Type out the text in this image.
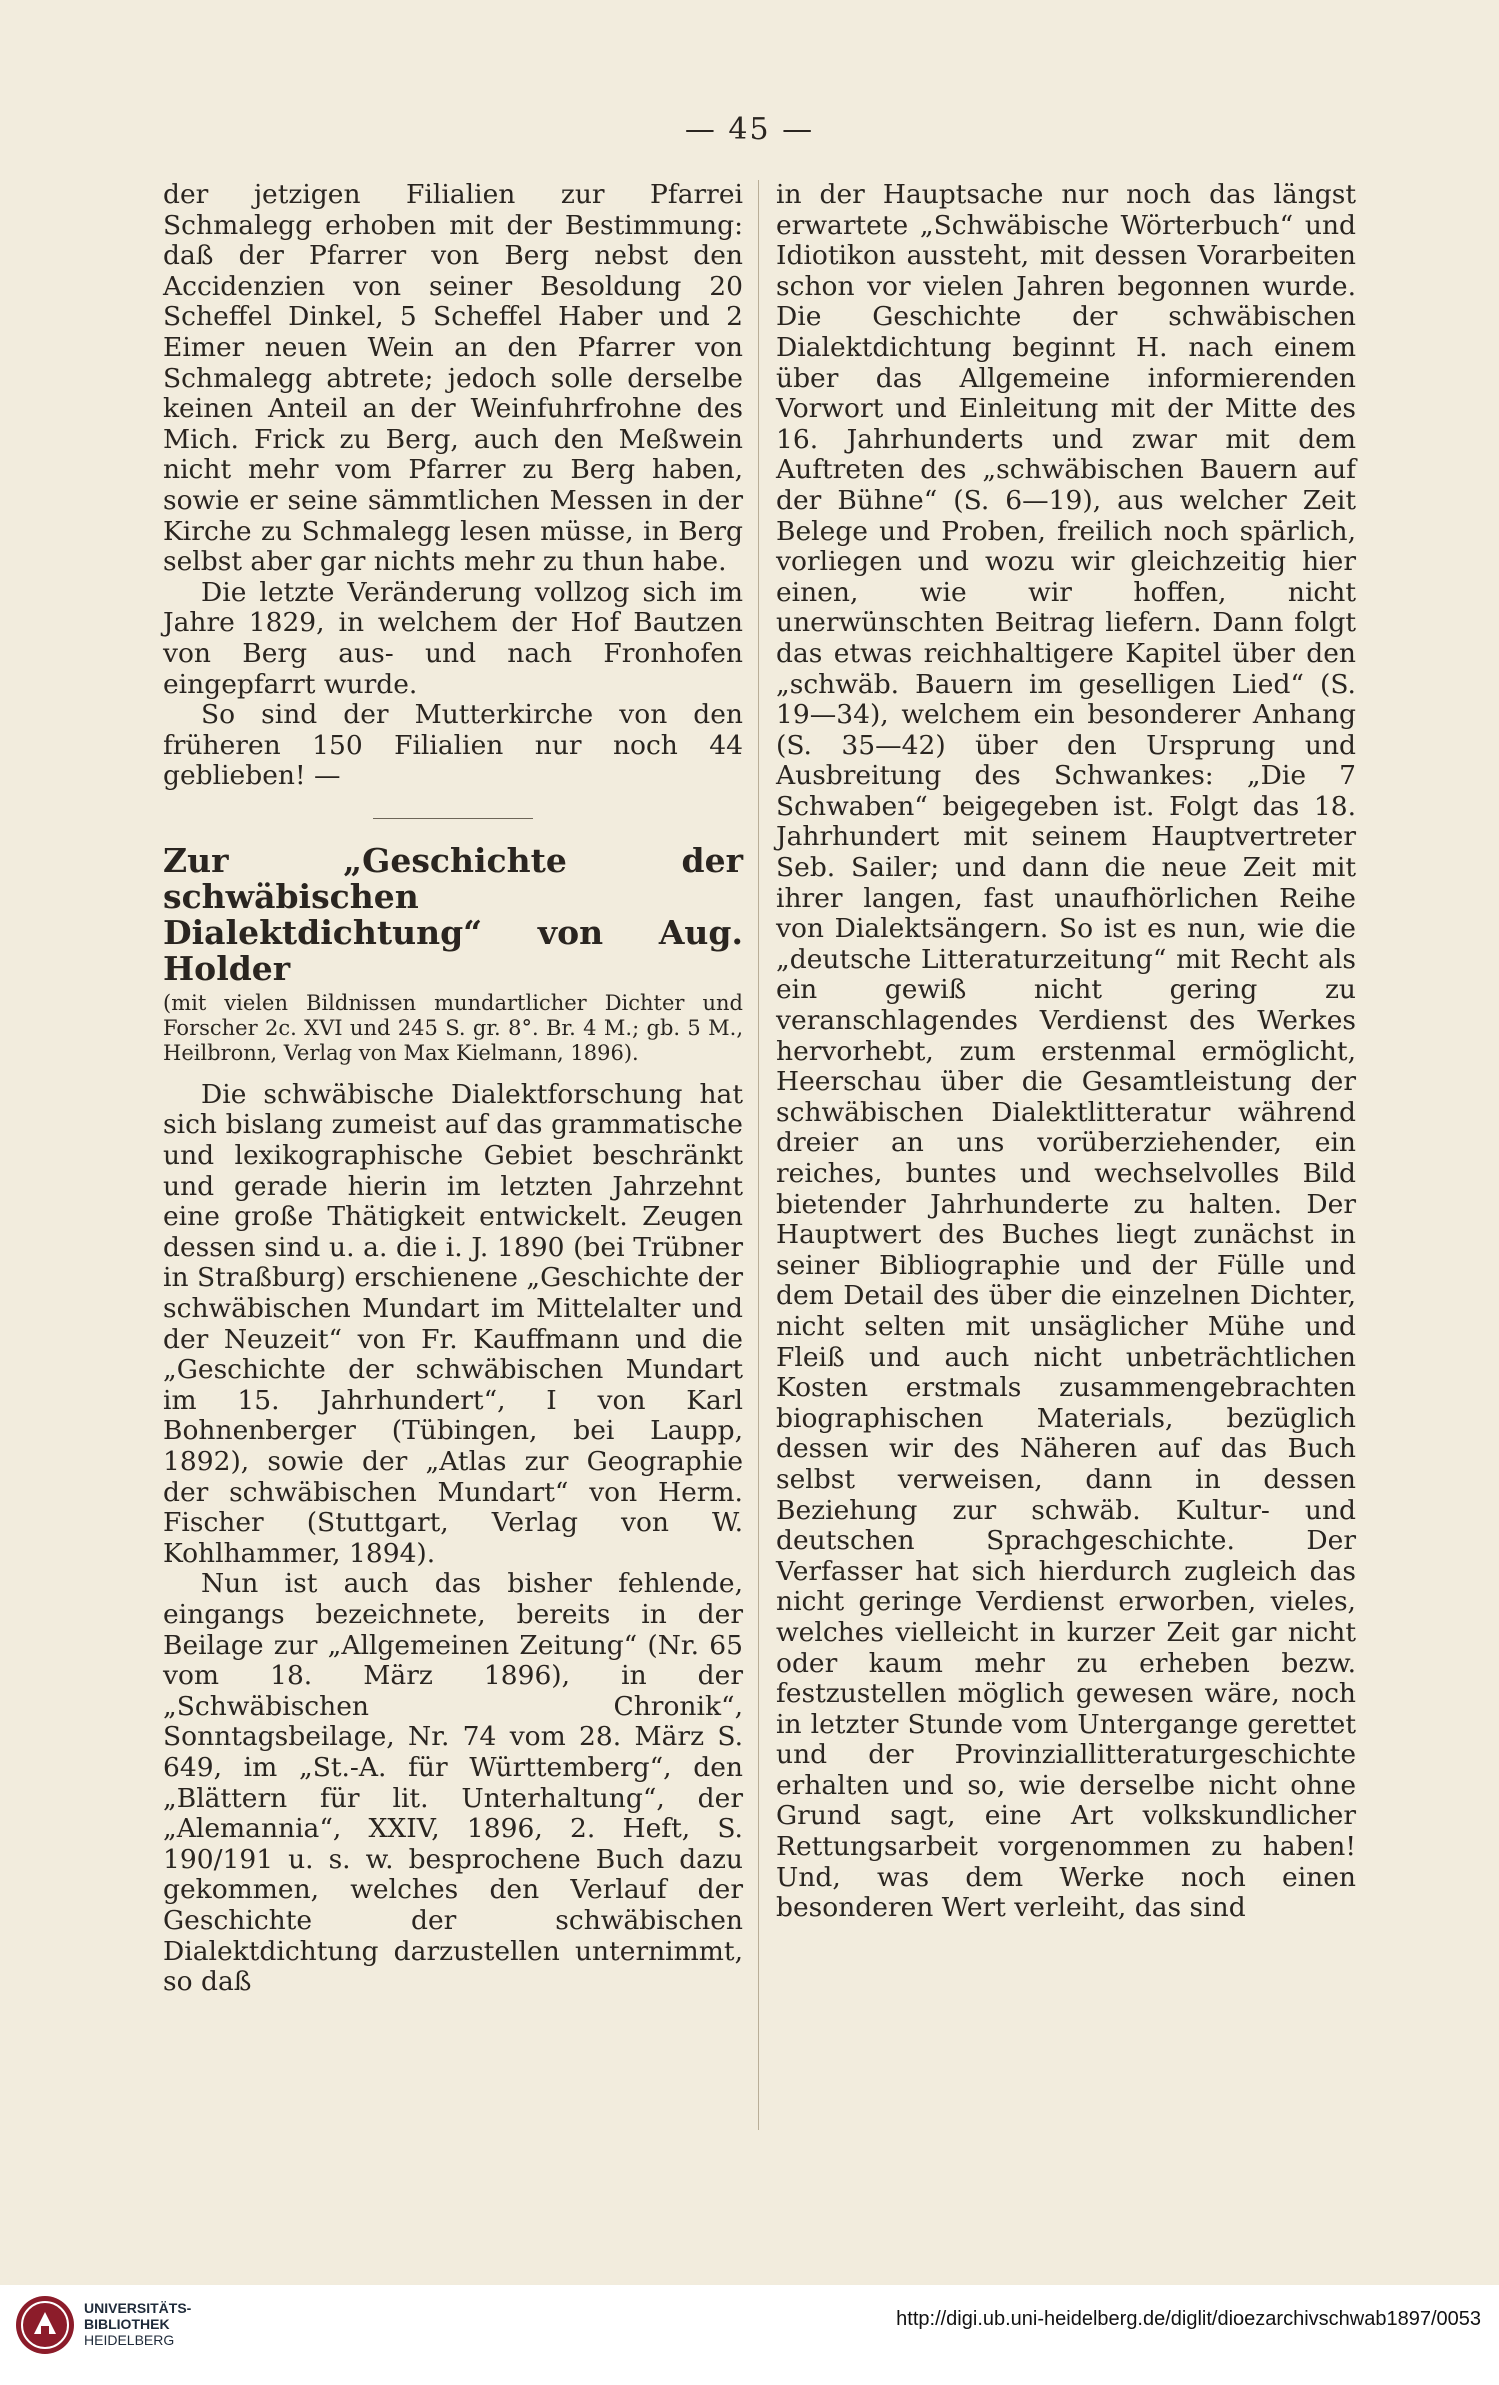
— 45 —

der jetzigen Filialien zur Pfarrei Schmalegg erhoben mit der Bestimmung: daß der Pfarrer von Berg nebst den Accidenzien von seiner Besoldung 20 Scheffel Dinkel, 5 Scheffel Haber und 2 Eimer neuen Wein an den Pfarrer von Schmalegg abtrete; jedoch solle derselbe keinen Anteil an der Weinfuhrfrohne des Mich. Frick zu Berg, auch den Meßwein nicht mehr vom Pfarrer zu Berg haben, sowie er seine sämmtlichen Messen in der Kirche zu Schmalegg lesen müsse, in Berg selbst aber gar nichts mehr zu thun habe.

Die letzte Veränderung vollzog sich im Jahre 1829, in welchem der Hof Bautzen von Berg aus- und nach Fronhofen eingepfarrt wurde.

So sind der Mutterkirche von den früheren 150 Filialien nur noch 44 geblieben! —

Zur „Geschichte der schwäbischen Dialektdichtung“ von Aug. Holder

(mit vielen Bildnissen mundartlicher Dichter und Forscher 2c. XVI und 245 S. gr. 8°. Br. 4 M.; gb. 5 M., Heilbronn, Verlag von Max Kielmann, 1896).

Die schwäbische Dialektforschung hat sich bislang zumeist auf das grammatische und lexikographische Gebiet beschränkt und gerade hierin im letzten Jahrzehnt eine große Thätigkeit entwickelt. Zeugen dessen sind u. a. die i. J. 1890 (bei Trübner in Straßburg) erschienene „Geschichte der schwäbischen Mundart im Mittelalter und der Neuzeit“ von Fr. Kauffmann und die „Geschichte der schwäbischen Mundart im 15. Jahrhundert“, I von Karl Bohnenberger (Tübingen, bei Laupp, 1892), sowie der „Atlas zur Geographie der schwäbischen Mundart“ von Herm. Fischer (Stuttgart, Verlag von W. Kohlhammer, 1894).

Nun ist auch das bisher fehlende, eingangs bezeichnete, bereits in der Beilage zur „Allgemeinen Zeitung“ (Nr. 65 vom 18. März 1896), in der „Schwäbischen Chronik“, Sonntagsbeilage, Nr. 74 vom 28. März S. 649, im „St.-A. für Württemberg“, den „Blättern für lit. Unterhaltung“, der „Alemannia“, XXIV, 1896, 2. Heft, S. 190/191 u. s. w. besprochene Buch dazu gekommen, welches den Verlauf der Geschichte der schwäbischen Dialektdichtung darzustellen unternimmt, so daß

in der Hauptsache nur noch das längst erwartete „Schwäbische Wörterbuch“ und Idiotikon aussteht, mit dessen Vorarbeiten schon vor vielen Jahren begonnen wurde. Die Geschichte der schwäbischen Dialektdichtung beginnt H. nach einem über das Allgemeine informierenden Vorwort und Einleitung mit der Mitte des 16. Jahrhunderts und zwar mit dem Auftreten des „schwäbischen Bauern auf der Bühne“ (S. 6—19), aus welcher Zeit Belege und Proben, freilich noch spärlich, vorliegen und wozu wir gleichzeitig hier einen, wie wir hoffen, nicht unerwünschten Beitrag liefern. Dann folgt das etwas reichhaltigere Kapitel über den „schwäb. Bauern im geselligen Lied“ (S. 19—34), welchem ein besonderer Anhang (S. 35—42) über den Ursprung und Ausbreitung des Schwankes: „Die 7 Schwaben“ beigegeben ist. Folgt das 18. Jahrhundert mit seinem Hauptvertreter Seb. Sailer; und dann die neue Zeit mit ihrer langen, fast unaufhörlichen Reihe von Dialektsängern. So ist es nun, wie die „deutsche Litteraturzeitung“ mit Recht als ein gewiß nicht gering zu veranschlagendes Verdienst des Werkes hervorhebt, zum erstenmal ermöglicht, Heerschau über die Gesamtleistung der schwäbischen Dialektlitteratur während dreier an uns vorüberziehender, ein reiches, buntes und wechselvolles Bild bietender Jahrhunderte zu halten. Der Hauptwert des Buches liegt zunächst in seiner Bibliographie und der Fülle und dem Detail des über die einzelnen Dichter, nicht selten mit unsäglicher Mühe und Fleiß und auch nicht unbeträchtlichen Kosten erstmals zusammengebrachten biographischen Materials, bezüglich dessen wir des Näheren auf das Buch selbst verweisen, dann in dessen Beziehung zur schwäb. Kultur- und deutschen Sprachgeschichte. Der Verfasser hat sich hierdurch zugleich das nicht geringe Verdienst erworben, vieles, welches vielleicht in kurzer Zeit gar nicht oder kaum mehr zu erheben bezw. festzustellen möglich gewesen wäre, noch in letzter Stunde vom Untergange gerettet und der Provinziallitteraturgeschichte erhalten und so, wie derselbe nicht ohne Grund sagt, eine Art volkskundlicher Rettungsarbeit vorgenommen zu haben! Und, was dem Werke noch einen besonderen Wert verleiht, das sind

UNIVERSITÄTS-
BIBLIOTHEK
HEIDELBERG
http://digi.ub.uni-heidelberg.de/diglit/dioezarchivschwab1897/0053
